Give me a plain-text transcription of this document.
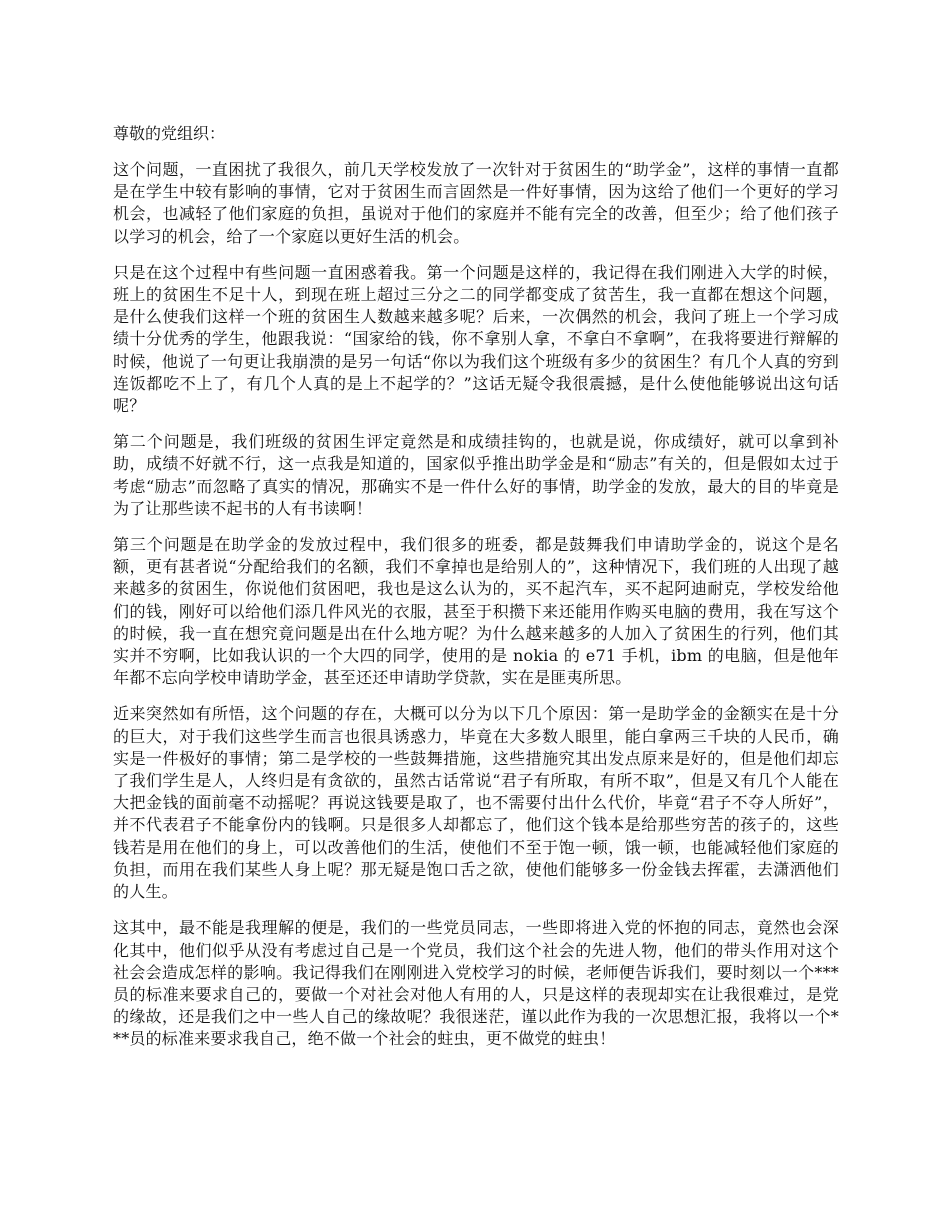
尊敬的党组织：

这个问题，一直困扰了我很久，前几天学校发放了一次针对于贫困生的“助学金”，这样的事情一直都是在学生中较有影响的事情，它对于贫困生而言固然是一件好事情，因为这给了他们一个更好的学习机会，也减轻了他们家庭的负担，虽说对于他们的家庭并不能有完全的改善，但至少；给了他们孩子以学习的机会，给了一个家庭以更好生活的机会。

只是在这个过程中有些问题一直困惑着我。第一个问题是这样的，我记得在我们刚进入大学的时候，班上的贫困生不足十人，到现在班上超过三分之二的同学都变成了贫苦生，我一直都在想这个问题，是什么使我们这样一个班的贫困生人数越来越多呢？后来，一次偶然的机会，我问了班上一个学习成绩十分优秀的学生，他跟我说：“国家给的钱，你不拿别人拿，不拿白不拿啊”，在我将要进行辩解的时候，他说了一句更让我崩溃的是另一句话“你以为我们这个班级有多少的贫困生？有几个人真的穷到连饭都吃不上了，有几个人真的是上不起学的？”这话无疑令我很震撼，是什么使他能够说出这句话呢？

第二个问题是，我们班级的贫困生评定竟然是和成绩挂钩的，也就是说，你成绩好，就可以拿到补助，成绩不好就不行，这一点我是知道的，国家似乎推出助学金是和“励志”有关的，但是假如太过于考虑“励志”而忽略了真实的情况，那确实不是一件什么好的事情，助学金的发放，最大的目的毕竟是为了让那些读不起书的人有书读啊！

第三个问题是在助学金的发放过程中，我们很多的班委，都是鼓舞我们申请助学金的，说这个是名额，更有甚者说“分配给我们的名额，我们不拿掉也是给别人的”，这种情况下，我们班的人出现了越来越多的贫困生，你说他们贫困吧，我也是这么认为的，买不起汽车，买不起阿迪耐克，学校发给他们的钱，刚好可以给他们添几件风光的衣服，甚至于积攒下来还能用作购买电脑的费用，我在写这个的时候，我一直在想究竟问题是出在什么地方呢？为什么越来越多的人加入了贫困生的行列，他们其实并不穷啊，比如我认识的一个大四的同学，使用的是 nokia 的 e71 手机，ibm 的电脑，但是他年年都不忘向学校申请助学金，甚至还还申请助学贷款，实在是匪夷所思。

近来突然如有所悟，这个问题的存在，大概可以分为以下几个原因：第一是助学金的金额实在是十分的巨大，对于我们这些学生而言也很具诱惑力，毕竟在大多数人眼里，能白拿两三千块的人民币，确实是一件极好的事情；第二是学校的一些鼓舞措施，这些措施究其出发点原来是好的，但是他们却忘了我们学生是人，人终归是有贪欲的，虽然古话常说“君子有所取，有所不取”，但是又有几个人能在大把金钱的面前毫不动摇呢？再说这钱要是取了，也不需要付出什么代价，毕竟“君子不夺人所好”，并不代表君子不能拿份内的钱啊。只是很多人却都忘了，他们这个钱本是给那些穷苦的孩子的，这些钱若是用在他们的身上，可以改善他们的生活，使他们不至于饱一顿，饿一顿，也能减轻他们家庭的负担，而用在我们某些人身上呢？那无疑是饱口舌之欲，使他们能够多一份金钱去挥霍，去潇洒他们的人生。

这其中，最不能是我理解的便是，我们的一些党员同志，一些即将进入党的怀抱的同志，竟然也会深化其中，他们似乎从没有考虑过自己是一个党员，我们这个社会的先进人物，他们的带头作用对这个社会会造成怎样的影响。我记得我们在刚刚进入党校学习的时候，老师便告诉我们，要时刻以一个***员的标准来要求自己的，要做一个对社会对他人有用的人，只是这样的表现却实在让我很难过，是党的缘故，还是我们之中一些人自己的缘故呢？我很迷茫，谨以此作为我的一次思想汇报，我将以一个***员的标准来要求我自己，绝不做一个社会的蛀虫，更不做党的蛀虫！
